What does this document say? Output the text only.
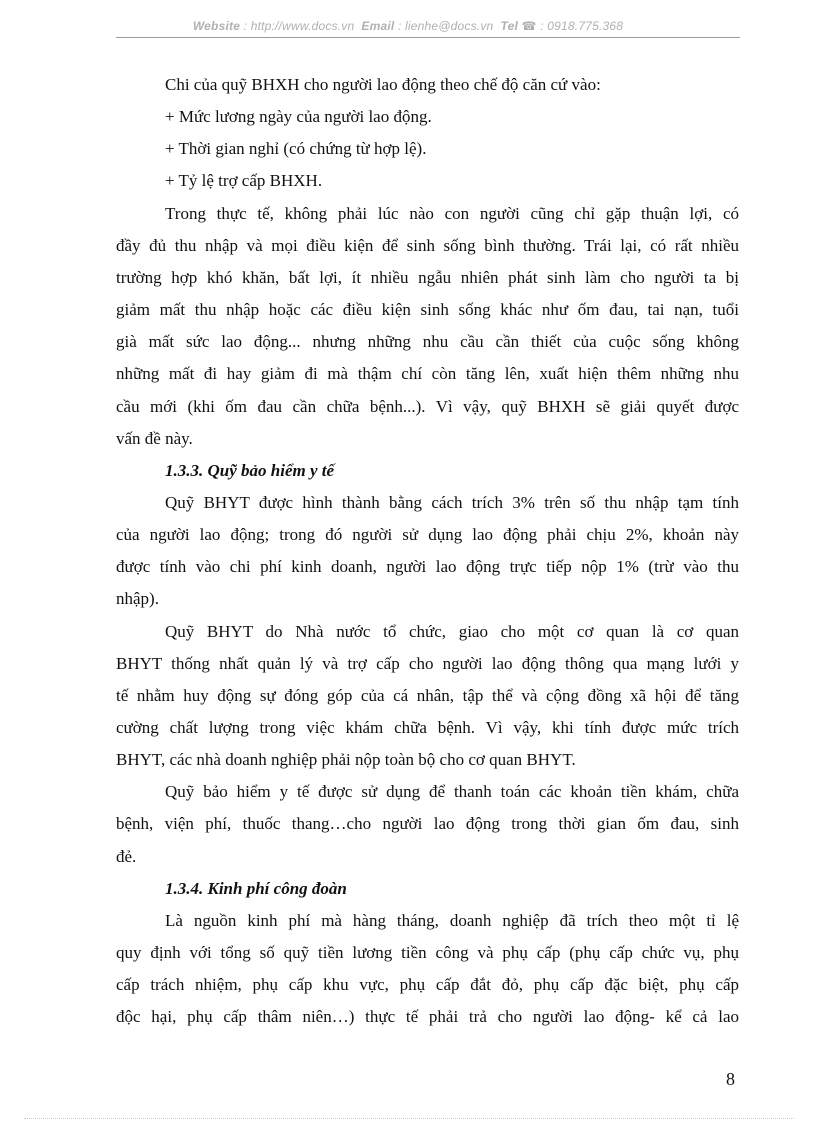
Website : http://www.docs.vn Email : lienhe@docs.vn Tel ☎ : 0918.775.368
Chi của quỹ BHXH cho người lao động theo chế độ căn cứ vào:
+ Mức lương ngày của người lao động.
+ Thời gian nghỉ (có chứng từ hợp lệ).
+ Tỷ lệ trợ cấp BHXH.
Trong thực tế, không phải lúc nào con người cũng chỉ gặp thuận lợi, có
đầy đủ thu nhập và mọi điều kiện để sinh sống bình thường. Trái lại, có rất nhiều
trường hợp khó khăn, bất lợi, ít nhiều ngẫu nhiên phát sinh làm cho người ta bị
giảm mất thu nhập hoặc các điều kiện sinh sống khác như ốm đau, tai nạn, tuổi
già mất sức lao động... nhưng những nhu cầu cần thiết của cuộc sống không
những mất đi hay giảm đi mà thậm chí còn tăng lên, xuất hiện thêm những nhu
cầu mới (khi ốm đau cần chữa bệnh...). Vì vậy, quỹ BHXH sẽ giải quyết được
vấn đề này.
1.3.3. Quỹ bảo hiểm y tế
Quỹ BHYT được hình thành bằng cách trích 3% trên số thu nhập tạm tính
của người lao động; trong đó người sử dụng lao động phải chịu 2%, khoản này
được tính vào chi phí kinh doanh, người lao động trực tiếp nộp 1% (trừ vào thu
nhập).
Quỹ BHYT do Nhà nước tổ chức, giao cho một cơ quan là cơ quan
BHYT thống nhất quản lý và trợ cấp cho người lao động thông qua mạng lưới y
tế nhằm huy động sự đóng góp của cá nhân, tập thể và cộng đồng xã hội để tăng
cường chất lượng trong việc khám chữa bệnh. Vì vậy, khi tính được mức trích
BHYT, các nhà doanh nghiệp phải nộp toàn bộ cho cơ quan BHYT.
Quỹ bảo hiểm y tế được sử dụng để thanh toán các khoản tiền khám, chữa
bệnh, viện phí, thuốc thang…cho người lao động trong thời gian ốm đau, sinh
đẻ.
1.3.4. Kinh phí công đoàn
Là nguồn kinh phí mà hàng tháng, doanh nghiệp đã trích theo một tỉ lệ
quy định với tổng số quỹ tiền lương tiền công và phụ cấp (phụ cấp chức vụ, phụ
cấp trách nhiệm, phụ cấp khu vực, phụ cấp đắt đỏ, phụ cấp đặc biệt, phụ cấp
độc hại, phụ cấp thâm niên…) thực tế phải trả cho người lao động- kể cả lao
8
